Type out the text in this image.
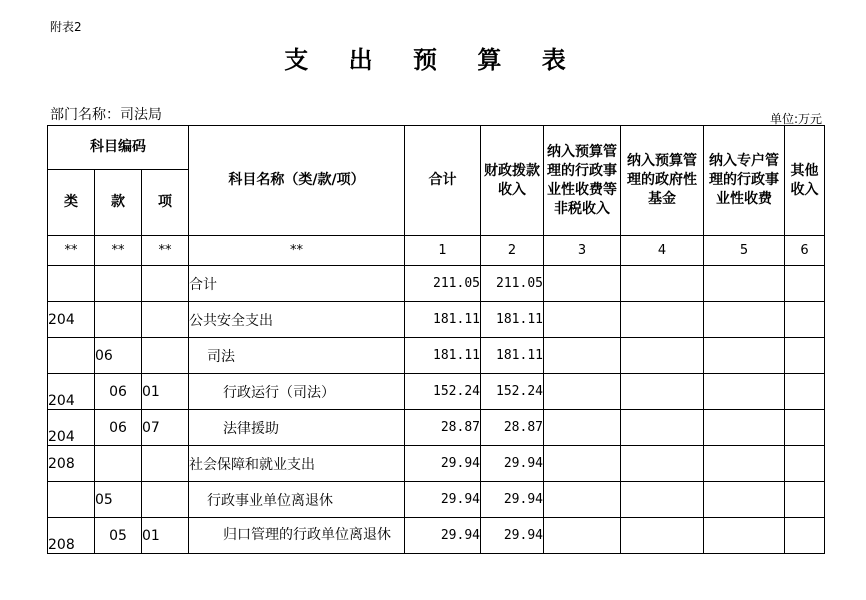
附表2
支 出 预 算 表
部门名称：司法局	单位:万元
科目编码			科目名称（类/款/项）	合计	财政拨款收入	纳入预算管理的行政事业性收费等非税收入	纳入预算管理的政府性基金	纳入专户管理的行政事业性收费	其他收入
类	款	项							
**	**	**	**	1	2	3	4	5	6
			合计	211.05	211.05				
204			公共安全支出	181.11	181.11				
	06		司法	181.11	181.11				
204	06	01	行政运行（司法）	152.24	152.24				
204	06	07	法律援助	28.87	28.87				
208			社会保障和就业支出	29.94	29.94				
	05		行政事业单位离退休	29.94	29.94				
208	05	01	归口管理的行政单位离退休	29.94	29.94				
